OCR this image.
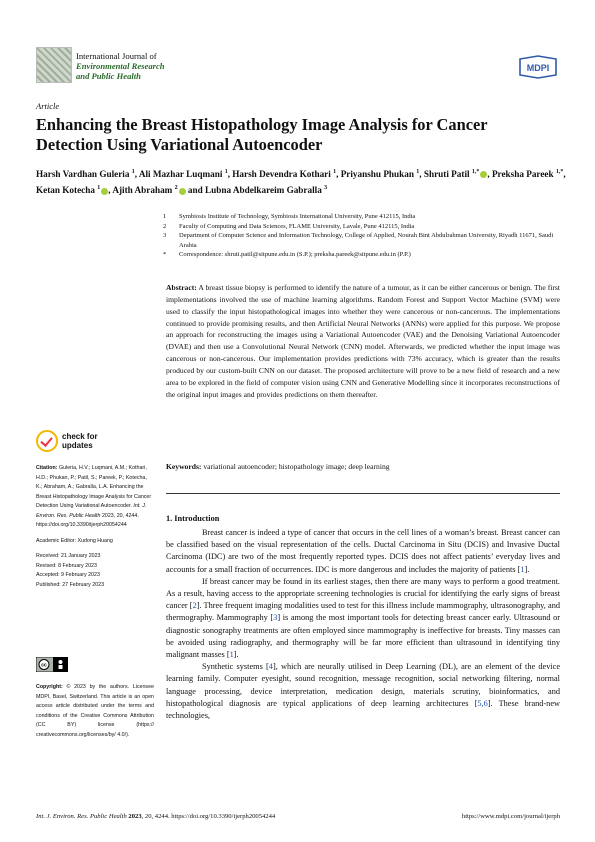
International Journal of
Environmental Research
and Public Health
MDPI
Article
Enhancing the Breast Histopathology Image Analysis for Cancer Detection Using Variational Autoencoder
Harsh Vardhan Guleria $^1$, Ali Mazhar Luqmani $^1$, Harsh Devendra Kothari $^1$, Priyanshu Phukan $^1$, Shruti Patil $^{1,*}$ , Preksha Pareek $^{1,*}$, Ketan Kotecha $^1$ , Ajith Abraham $^2$ and Lubna Abdelkareim Gabralla $^3$
1	Symbiosis Institute of Technology, Symbiosis International University, Pune 412115, India
2	Faculty of Computing and Data Sciences, FLAME University, Lavale, Pune 412115, India
3	Department of Computer Science and Information Technology, College of Applied, Nourah Bint Abdulrahman University, Riyadh 11671, Saudi Arabia
*	Correspondence: shruti.patil@sitpune.edu.in (S.P.); preksha.pareek@sitpune.edu.in (P.P.)
Abstract: A breast tissue biopsy is performed to identify the nature of a tumour, as it can be either cancerous or benign. The first implementations involved the use of machine learning algorithms. Random Forest and Support Vector Machine (SVM) were used to classify the input histopathological images into whether they were cancerous or non-cancerous. The implementations continued to provide promising results, and then Artificial Neural Networks (ANNs) were applied for this purpose. We propose an approach for reconstructing the images using a Variational Autoencoder (VAE) and the Denoising Variational Autoencoder (DVAE) and then use a Convolutional Neural Network (CNN) model. Afterwards, we predicted whether the input image was cancerous or non-cancerous. Our implementation provides predictions with 73% accuracy, which is greater than the results produced by our custom-built CNN on our dataset. The proposed architecture will prove to be a new field of research and a new area to be explored in the field of computer vision using CNN and Generative Modelling since it incorporates reconstructions of the original input images and provides predictions on them thereafter.
Keywords: variational autoencoder; histopathology image; deep learning
check for
updates

Citation: Guleria, H.V.; Luqmani, A.M.; Kothari, H.D.; Phukan, P.; Patil, S.; Pareek, P.; Kotecha, K.; Abraham, A.; Gabralla, L.A. Enhancing the Breast Histopathology Image Analysis for Cancer Detection Using Variational Autoencoder. Int. J. Environ. Res. Public Health 2023, 20, 4244. https://doi.org/10.3390/ijerph20054244

Academic Editor: Xudong Huang

Received: 21 January 2023

Revised: 8 February 2023

Accepted: 9 February 2023

Published: 27 February 2023

cc
Copyright: © 2023 by the authors. Licensee MDPI, Basel, Switzerland. This article is an open access article distributed under the terms and conditions of the Creative Commons Attribution (CC BY) license (https:// creativecommons.org/licenses/by/ 4.0/).
1. Introduction

Breast cancer is indeed a type of cancer that occurs in the cell lines of a woman’s breast. Breast cancer can be classified based on the visual representation of the cells. Ductal Carcinoma in Situ (DCIS) and Invasive Ductal Carcinoma (IDC) are two of the most frequently reported types. DCIS does not affect patients’ everyday lives and accounts for a small fraction of occurrences. IDC is more dangerous and includes the majority of patients [1].

If breast cancer may be found in its earliest stages, then there are many ways to perform a good treatment. As a result, having access to the appropriate screening technologies is crucial for identifying the early signs of breast cancer [2]. Three frequent imaging modalities used to test for this illness include mammography, ultrasonography, and thermography. Mammography [3] is among the most important tools for detecting breast cancer early. Ultrasound or diagnostic sonography treatments are often employed since mammography is ineffective for breasts. Tiny masses can be avoided using radiography, and thermography will be far more efficient than ultrasound in identifying tiny malignant masses [1].

Synthetic systems [4], which are neurally utilised in Deep Learning (DL), are an element of the device learning family. Computer eyesight, sound recognition, message recognition, social networking filtering, normal language processing, device interpretation, medication design, materials scrutiny, bioinformatics, and histopathological diagnosis are typical applications of deep learning architectures [5,6]. These brand-new technologies,

Int. J. Environ. Res. Public Health 2023, 20, 4244. https://doi.org/10.3390/ijerph20054244	https://www.mdpi.com/journal/ijerph
